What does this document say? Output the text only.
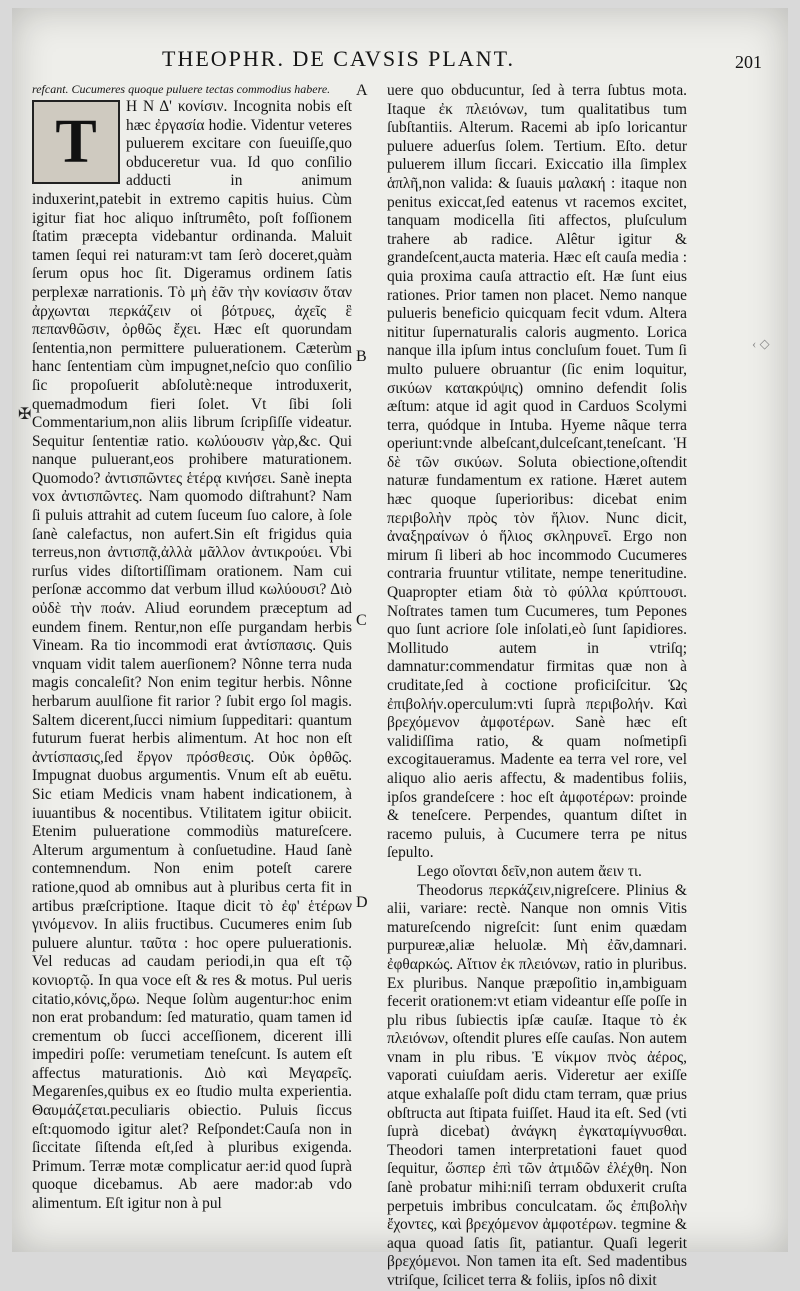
THEOPHR. DE CAVSIS PLANT.	201
A
B
C
D
✠
‹ ◇

refcant. Cucumeres quoque puluere tectas commodius habere.

T

Η Ν Δ' κονίσιν. Incognita nobis eſt hæc ἐργασία hodie. Videntur veteres puluerem excitare con ſueuiſſe,quo obduceretur vua. Id quo conſilio adducti in animum induxerint,patebit in extremo capitis huius. Cùm igitur fiat hoc aliquo inſtrumêto, poſt foſſionem ſtatim præcepta videbantur ordinanda. Maluit tamen ſequi rei naturam:vt tam ſerò doceret,quàm ſerum opus hoc ſit. Digeramus ordinem ſatis perplexæ narrationis. Τὸ μὴ ἐᾶν τὴν κονίασιν ὅταν ἀρχωνται περκάζειν οἱ βότρυες, ἀχεῖς ἓ πεπανθῶσιν, ὀρθῶς ἔχει. Hæc eſt quorundam ſententia,non permittere puluerationem. Cæterùm hanc ſententiam cùm impugnet,neſcio quo conſilio ſic propoſuerit abſolutè:neque introduxerit, quemadmodum fieri ſolet. Vt ſibi ſoli Commentarium,non aliis librum ſcripſiſſe videatur. Sequitur ſententiæ ratio. κωλύουσιν γὰρ,&c. Qui nanque puluerant,eos prohibere maturationem. Quomodo? ἀντισπῶντες ἑτέρᾳ κινήσει. Sanè inepta vox ἀντισπῶντες. Nam quomodo diſtrahunt? Nam ſi puluis attrahit ad cutem ſuceum ſuo calore, à ſole ſanè calefactus, non aufert.Sin eſt frigidus quia terreus,non ἀντισπᾷ,ἀλλὰ μᾶλλον ἀντικρούει. Vbi rurſus vides diſtortiſſimam orationem. Nam cui perſonæ accommo dat verbum illud κωλύουσι? Διὸ οὐδὲ τὴν ποάν. Aliud eorundem præceptum ad eundem finem. Rentur,non eſſe purgandam herbis Vineam. Ra tio incommodi erat ἀντίσπασις. Quis vnquam vidit talem auerſionem? Nônne terra nuda magis concaleſit? Non enim tegitur herbis. Nônne herbarum auulſione fit rarior ? ſubit ergo ſol magis. Saltem dicerent,ſucci nimium ſuppeditari: quantum futurum fuerat herbis alimentum. At hoc non eſt ἀντίσπασις,ſed ἔργον πρόσθεσις. Οὐκ ὀρθῶς. Impugnat duobus argumentis. Vnum eſt ab euētu. Sic etiam Medicis vnam habent indicationem, à iuuantibus & nocentibus. Vtilitatem igitur obiicit. Etenim pulueratione commodiùs matureſcere. Alterum argumentum à conſuetudine. Haud ſanè contemnendum. Non enim poteſt carere ratione,quod ab omnibus aut à pluribus certa fit in artibus præſcriptione. Itaque dicit τὸ ἐφ' ἑτέρων γινόμενον. In aliis fructibus. Cucumeres enim ſub puluere aluntur. ταῦτα : hoc opere puluerationis. Vel reducas ad caudam periodi,in qua eſt τῷ κονιορτῷ. In qua voce eſt & res & motus. Pul ueris citatio,κόνις,ὄρω. Neque ſolùm augentur:hoc enim non erat probandum: ſed maturatio, quam tamen id crementum ob ſucci acceſſionem, dicerent illi impediri poſſe: verumetiam teneſcunt. Is autem eſt affectus maturationis. Διὸ καὶ Μεγαρεῖς. Megarenſes,quibus ex eo ſtudio multa experientia. Θαυμάζεται.peculiaris obiectio. Puluis ſiccus eſt:quomodo igitur alet? Reſpondet:Cauſa non in ſiccitate ſiſtenda eſt,ſed à pluribus exigenda. Primum. Terræ motæ complicatur aer:id quod ſuprà quoque dicebamus. Ab aere mador:ab vdo alimentum. Eſt igitur non à pul

uere quo obducuntur, ſed à terra ſubtus mota. Itaque ἐκ πλειόνων, tum qualitatibus tum ſubſtantiis. Alterum. Racemi ab ipſo loricantur puluere aduerſus ſolem. Tertium. Eſto. detur puluerem illum ſiccari. Exiccatio illa ſimplex ἁπλῆ,non valida: & ſuauis μαλακή : itaque non penitus exiccat,ſed eatenus vt racemos excitet, tanquam modicella ſiti affectos, pluſculum trahere ab radice. Alêtur igitur & grandeſcent,aucta materia. Hæc eſt cauſa media : quia proxima cauſa attractio eſt. Hæ ſunt eius rationes. Prior tamen non placet. Nemo nanque pulueris beneficio quicquam fecit vdum. Altera nititur ſupernaturalis caloris augmento. Lorica nanque illa ipſum intus concluſum fouet. Tum ſi multo puluere obruantur (ſic enim loquitur, σικύων κατακρύψις) omnino defendit ſolis æſtum: atque id agit quod in Carduos Scolymi terra, quódque in Intuba. Hyeme nãque terra operiunt:vnde albeſcant,dulceſcant,teneſcant. Ἡ δὲ τῶν σικύων. Soluta obiectione,oſtendit naturæ fundamentum ex ratione. Hæret autem hæc quoque ſuperioribus: dicebat enim περιβολὴν πρὸς τὸν ἥλιον. Nunc dicit, ἀναξηραίνων ὁ ἥλιος σκληρυνεῖ. Ergo non mirum ſi liberi ab hoc incommodo Cucumeres contraria fruuntur vtilitate, nempe teneritudine. Quapropter etiam διὰ τὸ φύλλα κρύπτουσι. Noſtrates tamen tum Cucumeres, tum Pepones quo ſunt acriore ſole inſolati,eò ſunt ſapidiores. Mollitudo autem in vtriſq; damnatur:commendatur firmitas quæ non à cruditate,ſed à coctione proficiſcitur. Ὡς ἐπιβολήν.operculum:vti ſuprà περιβολήν. Καὶ βρεχόμενον ἀμφοτέρων. Sanè hæc eſt validiſſima ratio, & quam noſmetipſi excogitaueramus. Madente ea terra vel rore, vel aliquo alio aeris affectu, & madentibus foliis, ipſos grandeſcere : hoc eſt ἀμφοτέρων: proinde & teneſcere. Perpendes, quantum diſtet in racemo puluis, à Cucumere terra pe nitus ſepulto.

Lego οἴονται δεῖν,non autem ἄειν τι.

Theodorus περκάζειν,nigreſcere. Plinius & alii, variare: rectè. Nanque non omnis Vitis matureſcendo nigreſcit: ſunt enim quædam purpureæ,aliæ heluolæ. Μὴ ἐᾶν,damnari. ἐφθαρκώς. Αἴτιον ἐκ πλειόνων, ratio in pluribus. Ex pluribus. Nanque præpoſitio in,ambiguam fecerit orationem:vt etiam videantur eſſe poſſe in plu ribus ſubiectis ipſæ cauſæ. Itaque τὸ ἐκ πλειόνων, oſtendit plures eſſe cauſas. Non autem vnam in plu ribus. Ἐ νίκμον πνὸς ἀέρος, vaporati cuiuſdam aeris. Videretur aer exiſſe atque exhalaſſe poſt didu ctam terram, quæ prius obſtructa aut ſtipata fuiſſet. Haud ita eſt. Sed (vti ſuprà dicebat) ἀνάγκη ἐγκαταμίγνυσθαι. Theodori tamen interpretationi fauet quod ſequitur, ὥσπερ ἐπὶ τῶν ἀτμιδῶν ἐλέχθη. Non ſanè probatur mihi:niſi terram obduxerit cruſta perpetuis imbribus conculcatam. ὥς ἐπιβολὴν ἔχοντες, καὶ βρεχόμενον ἀμφοτέρων. tegmine & aqua quoad ſatis ſit, patiantur. Quaſi legerit βρεχόμενοι. Non tamen ita eſt. Sed madentibus vtriſque, ſcilicet terra & foliis, ipſos nô dixit
